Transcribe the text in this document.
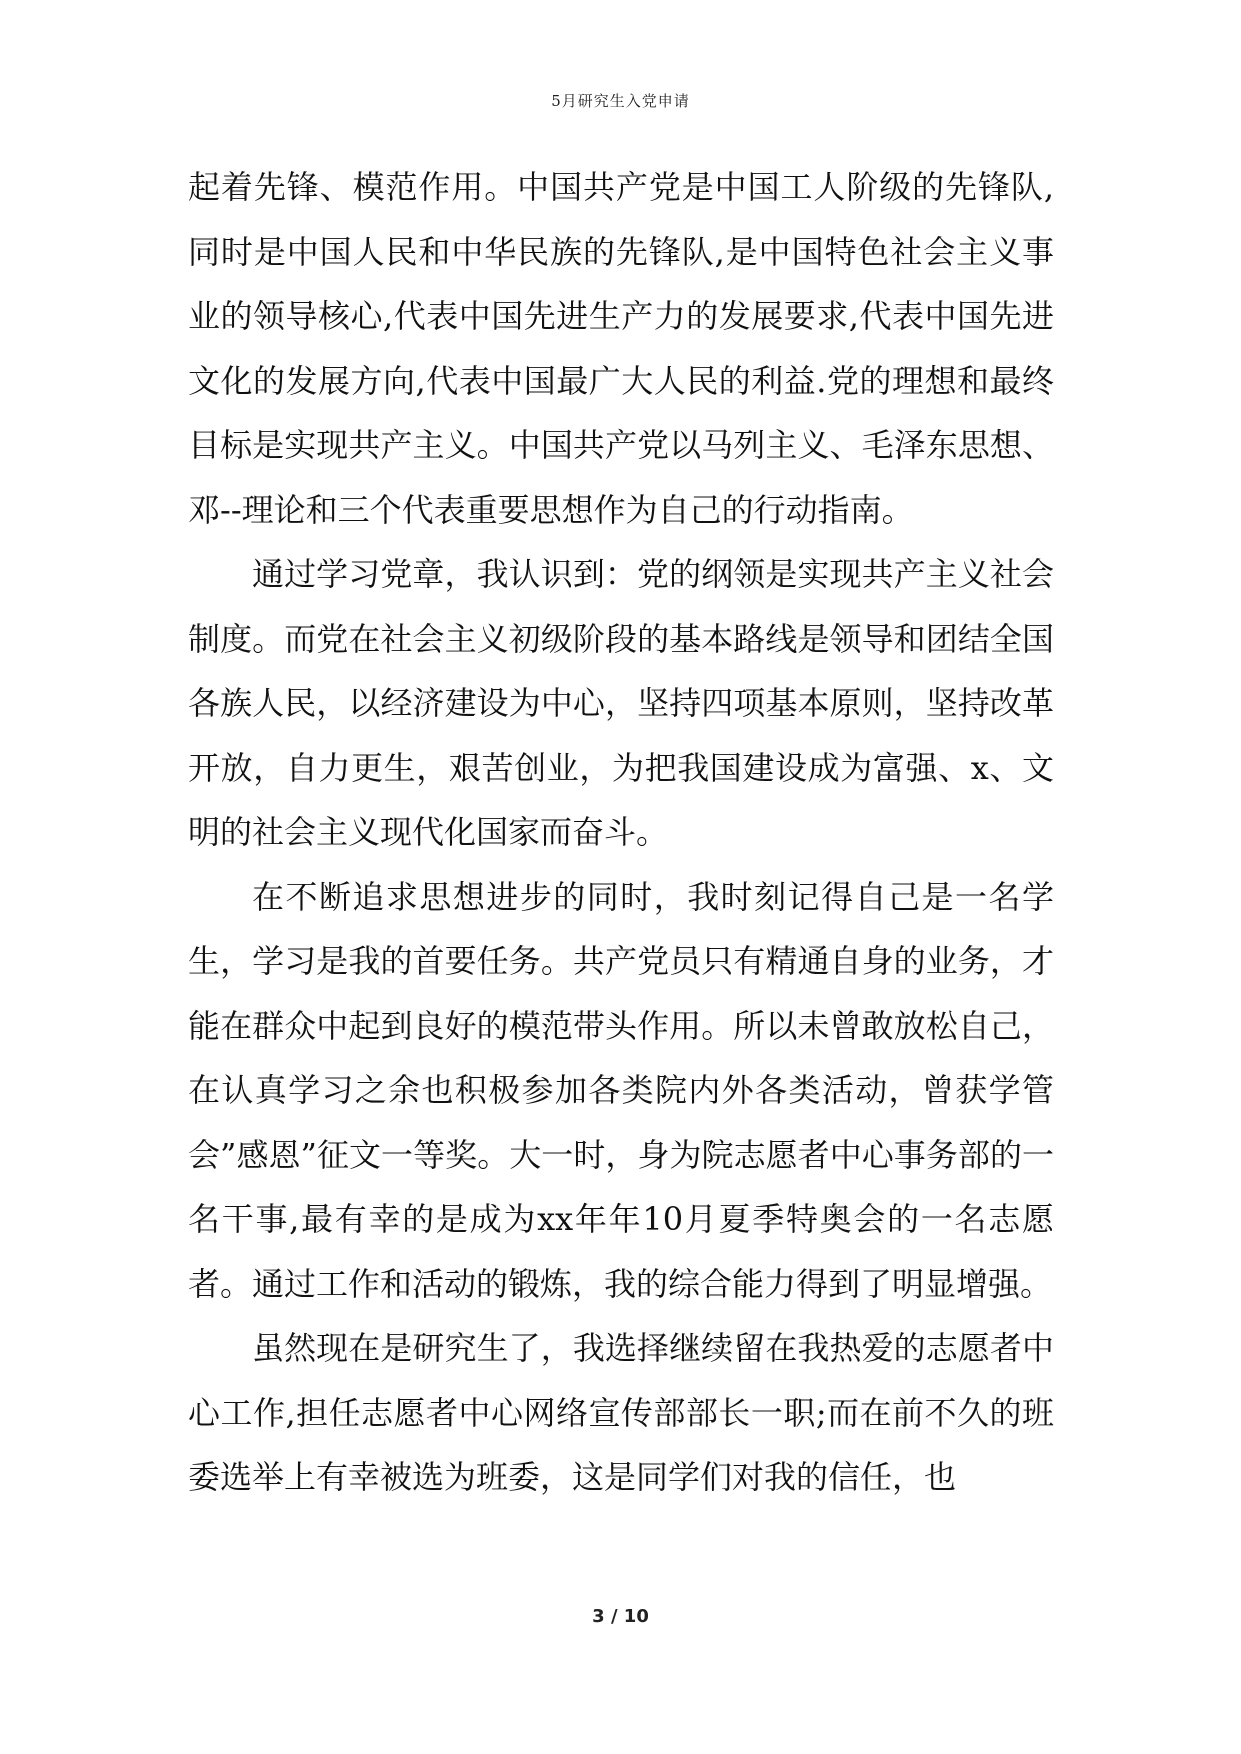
5月研究生入党申请

起着先锋、模范作用。中国共产党是中国工人阶级的先锋队,同时是中国人民和中华民族的先锋队,是中国特色社会主义事业的领导核心,代表中国先进生产力的发展要求,代表中国先进文化的发展方向,代表中国最广大人民的利益.党的理想和最终目标是实现共产主义。中国共产党以马列主义、毛泽东思想、邓--理论和三个代表重要思想作为自己的行动指南。

通过学习党章，我认识到：党的纲领是实现共产主义社会制度。而党在社会主义初级阶段的基本路线是领导和团结全国各族人民，以经济建设为中心，坚持四项基本原则，坚持改革开放，自力更生，艰苦创业，为把我国建设成为富强、x、文明的社会主义现代化国家而奋斗。

在不断追求思想进步的同时，我时刻记得自己是一名学生，学习是我的首要任务。共产党员只有精通自身的业务，才能在群众中起到良好的模范带头作用。所以未曾敢放松自己，在认真学习之余也积极参加各类院内外各类活动，曾获学管会”感恩”征文一等奖。大一时，身为院志愿者中心事务部的一名干事,最有幸的是成为xx年年10月夏季特奥会的一名志愿者。通过工作和活动的锻炼，我的综合能力得到了明显增强。

虽然现在是研究生了，我选择继续留在我热爱的志愿者中心工作,担任志愿者中心网络宣传部部长一职;而在前不久的班委选举上有幸被选为班委，这是同学们对我的信任，也

3 / 10
